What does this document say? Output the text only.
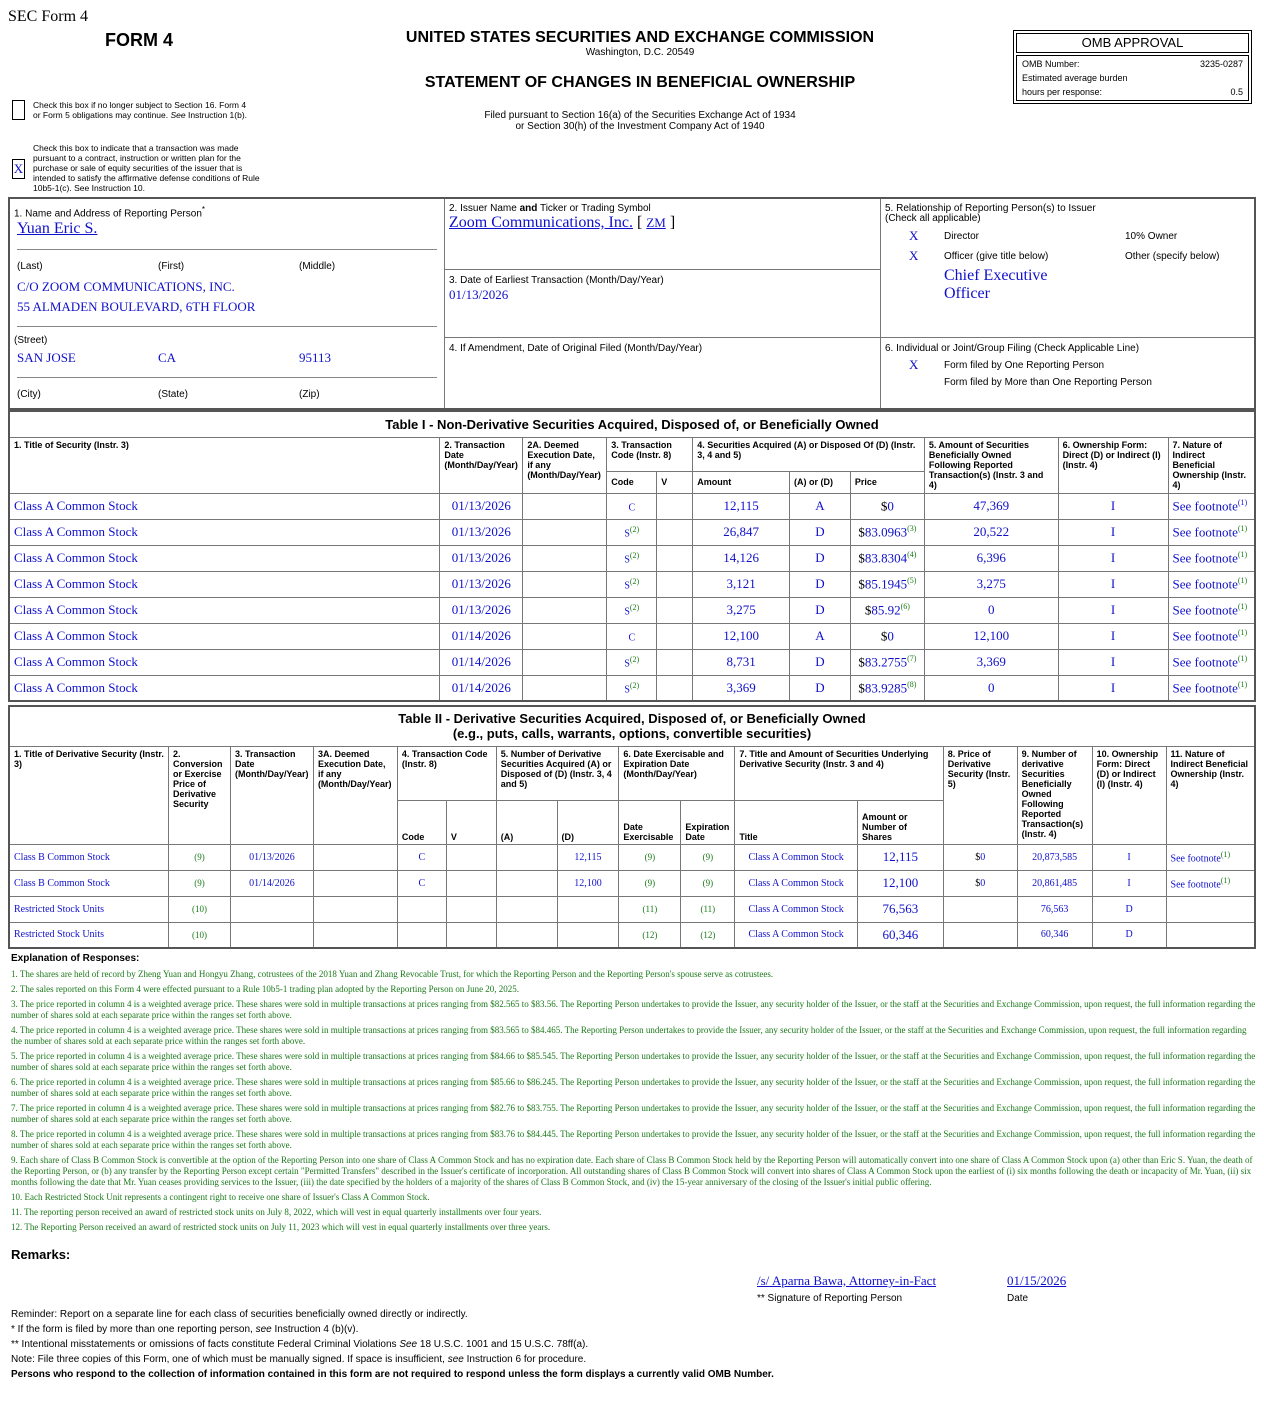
SEC Form 4
FORM 4	UNITED STATES SECURITIES AND EXCHANGE COMMISSION
Washington, D.C. 20549
STATEMENT OF CHANGES IN BENEFICIAL OWNERSHIP
Filed pursuant to Section 16(a) of the Securities Exchange Act of 1934
or Section 30(h) of the Investment Company Act of 1940
OMB APPROVAL
OMB Number:	3235-0287
Estimated average burden
hours per response:	0.5
Check this box if no longer subject to Section 16. Form 4
or Form 5 obligations may continue. See Instruction 1(b).
X
Check this box to indicate that a transaction was made pursuant to a contract, instruction or written plan for the purchase or sale of equity securities of the issuer that is intended to satisfy the affirmative defense conditions of Rule 10b5-1(c). See Instruction 10.
1. Name and Address of Reporting Person*
Yuan Eric S.
(Last)	(First)	(Middle)
C/O ZOOM COMMUNICATIONS, INC.
55 ALMADEN BOULEVARD, 6TH FLOOR
(Street)
SAN JOSE	CA	95113
(City)	(State)	(Zip)
2. Issuer Name and Ticker or Trading Symbol
Zoom Communications, Inc. [ ZM ]
3. Date of Earliest Transaction (Month/Day/Year)
01/13/2026
4. If Amendment, Date of Original Filed (Month/Day/Year)
5. Relationship of Reporting Person(s) to Issuer
(Check all applicable)
X	Director	10% Owner
X	Officer (give title below)	Other (specify below)
Chief Executive
Officer
6. Individual or Joint/Group Filing (Check Applicable Line)
X	Form filed by One Reporting Person
Form filed by More than One Reporting Person
Table I - Non-Derivative Securities Acquired, Disposed of, or Beneficially Owned										
1. Title of Security (Instr. 3)	2. Transaction Date (Month/Day/Year)	2A. Deemed Execution Date, if any (Month/Day/Year)	3. Transaction Code (Instr. 8)		4. Securities Acquired (A) or Disposed Of (D) (Instr. 3, 4 and 5)			5. Amount of Securities Beneficially Owned Following Reported Transaction(s) (Instr. 3 and 4)	6. Ownership Form: Direct (D) or Indirect (I) (Instr. 4)	7. Nature of Indirect Beneficial Ownership (Instr. 4)
			Code	V	Amount	(A) or (D)	Price			
Class A Common Stock	01/13/2026		C		12,115	A	$0	47,369	I	See footnote$^{(1)}$
Class A Common Stock	01/13/2026		S$^{(2)}$		26,847	D	$83.0963$^{(3)}$	20,522	I	See footnote$^{(1)}$
Class A Common Stock	01/13/2026		S$^{(2)}$		14,126	D	$83.8304$^{(4)}$	6,396	I	See footnote$^{(1)}$
Class A Common Stock	01/13/2026		S$^{(2)}$		3,121	D	$85.1945$^{(5)}$	3,275	I	See footnote$^{(1)}$
Class A Common Stock	01/13/2026		S$^{(2)}$		3,275	D	$85.92$^{(6)}$	0	I	See footnote$^{(1)}$
Class A Common Stock	01/14/2026		C		12,100	A	$0	12,100	I	See footnote$^{(1)}$
Class A Common Stock	01/14/2026		S$^{(2)}$		8,731	D	$83.2755$^{(7)}$	3,369	I	See footnote$^{(1)}$
Class A Common Stock	01/14/2026		S$^{(2)}$		3,369	D	$83.9285$^{(8)}$	0	I	See footnote$^{(1)}$
Table II - Derivative Securities Acquired, Disposed of, or Beneficially Owned
(e.g., puts, calls, warrants, options, convertible securities)															

1. Title of Derivative Security (Instr. 3)	2. Conversion or Exercise Price of Derivative Security	3. Transaction Date (Month/Day/Year)	3A. Deemed Execution Date, if any (Month/Day/Year)	4. Transaction Code (Instr. 8)		5. Number of Derivative Securities Acquired (A) or Disposed of (D) (Instr. 3, 4 and 5)		6. Date Exercisable and Expiration Date (Month/Day/Year)		7. Title and Amount of Securities Underlying Derivative Security (Instr. 3 and 4)		8. Price of Derivative Security (Instr. 5)	9. Number of derivative Securities Beneficially Owned Following Reported Transaction(s) (Instr. 4)	10. Ownership Form: Direct (D) or Indirect (I) (Instr. 4)	11. Nature of Indirect Beneficial Ownership (Instr. 4)
				Code	V	(A)	(D)	Date Exercisable	Expiration Date	Title	Amount or Number of Shares				
Class B Common Stock	(9)	01/13/2026		C			12,115	(9)	(9)	Class A Common Stock	12,115	$0	20,873,585	I	See footnote$^{(1)}$
Class B Common Stock	(9)	01/14/2026		C			12,100	(9)	(9)	Class A Common Stock	12,100	$0	20,861,485	I	See footnote$^{(1)}$
Restricted Stock Units	(10)							(11)	(11)	Class A Common Stock	76,563		76,563	D	
Restricted Stock Units	(10)							(12)	(12)	Class A Common Stock	60,346		60,346	D	
Explanation of Responses:

1. The shares are held of record by Zheng Yuan and Hongyu Zhang, cotrustees of the 2018 Yuan and Zhang Revocable Trust, for which the Reporting Person and the Reporting Person's spouse serve as cotrustees.

2. The sales reported on this Form 4 were effected pursuant to a Rule 10b5-1 trading plan adopted by the Reporting Person on June 20, 2025.

3. The price reported in column 4 is a weighted average price. These shares were sold in multiple transactions at prices ranging from $82.565 to $83.56. The Reporting Person undertakes to provide the Issuer, any security holder of the Issuer, or the staff at the Securities and Exchange Commission, upon request, the full information regarding the number of shares sold at each separate price within the ranges set forth above.

4. The price reported in column 4 is a weighted average price. These shares were sold in multiple transactions at prices ranging from $83.565 to $84.465. The Reporting Person undertakes to provide the Issuer, any security holder of the Issuer, or the staff at the Securities and Exchange Commission, upon request, the full information regarding the number of shares sold at each separate price within the ranges set forth above.

5. The price reported in column 4 is a weighted average price. These shares were sold in multiple transactions at prices ranging from $84.66 to $85.545. The Reporting Person undertakes to provide the Issuer, any security holder of the Issuer, or the staff at the Securities and Exchange Commission, upon request, the full information regarding the number of shares sold at each separate price within the ranges set forth above.

6. The price reported in column 4 is a weighted average price. These shares were sold in multiple transactions at prices ranging from $85.66 to $86.245. The Reporting Person undertakes to provide the Issuer, any security holder of the Issuer, or the staff at the Securities and Exchange Commission, upon request, the full information regarding the number of shares sold at each separate price within the ranges set forth above.

7. The price reported in column 4 is a weighted average price. These shares were sold in multiple transactions at prices ranging from $82.76 to $83.755. The Reporting Person undertakes to provide the Issuer, any security holder of the Issuer, or the staff at the Securities and Exchange Commission, upon request, the full information regarding the number of shares sold at each separate price within the ranges set forth above.

8. The price reported in column 4 is a weighted average price. These shares were sold in multiple transactions at prices ranging from $83.76 to $84.445. The Reporting Person undertakes to provide the Issuer, any security holder of the Issuer, or the staff at the Securities and Exchange Commission, upon request, the full information regarding the number of shares sold at each separate price within the ranges set forth above.

9. Each share of Class B Common Stock is convertible at the option of the Reporting Person into one share of Class A Common Stock and has no expiration date. Each share of Class B Common Stock held by the Reporting Person will automatically convert into one share of Class A Common Stock upon (a) other than Eric S. Yuan, the death of the Reporting Person, or (b) any transfer by the Reporting Person except certain "Permitted Transfers" described in the Issuer's certificate of incorporation. All outstanding shares of Class B Common Stock will convert into shares of Class A Common Stock upon the earliest of (i) six months following the death or incapacity of Mr. Yuan, (ii) six months following the date that Mr. Yuan ceases providing services to the Issuer, (iii) the date specified by the holders of a majority of the shares of Class B Common Stock, and (iv) the 15-year anniversary of the closing of the Issuer's initial public offering.

10. Each Restricted Stock Unit represents a contingent right to receive one share of Issuer's Class A Common Stock.

11. The reporting person received an award of restricted stock units on July 8, 2022, which will vest in equal quarterly installments over four years.

12. The Reporting Person received an award of restricted stock units on July 11, 2023 which will vest in equal quarterly installments over three years.

Remarks:
/s/ Aparna Bawa, Attorney-in-Fact	01/15/2026
** Signature of Reporting Person	Date
Reminder: Report on a separate line for each class of securities beneficially owned directly or indirectly.
* If the form is filed by more than one reporting person, see Instruction 4 (b)(v).
** Intentional misstatements or omissions of facts constitute Federal Criminal Violations See 18 U.S.C. 1001 and 15 U.S.C. 78ff(a).
Note: File three copies of this Form, one of which must be manually signed. If space is insufficient, see Instruction 6 for procedure.
Persons who respond to the collection of information contained in this form are not required to respond unless the form displays a currently valid OMB Number.
